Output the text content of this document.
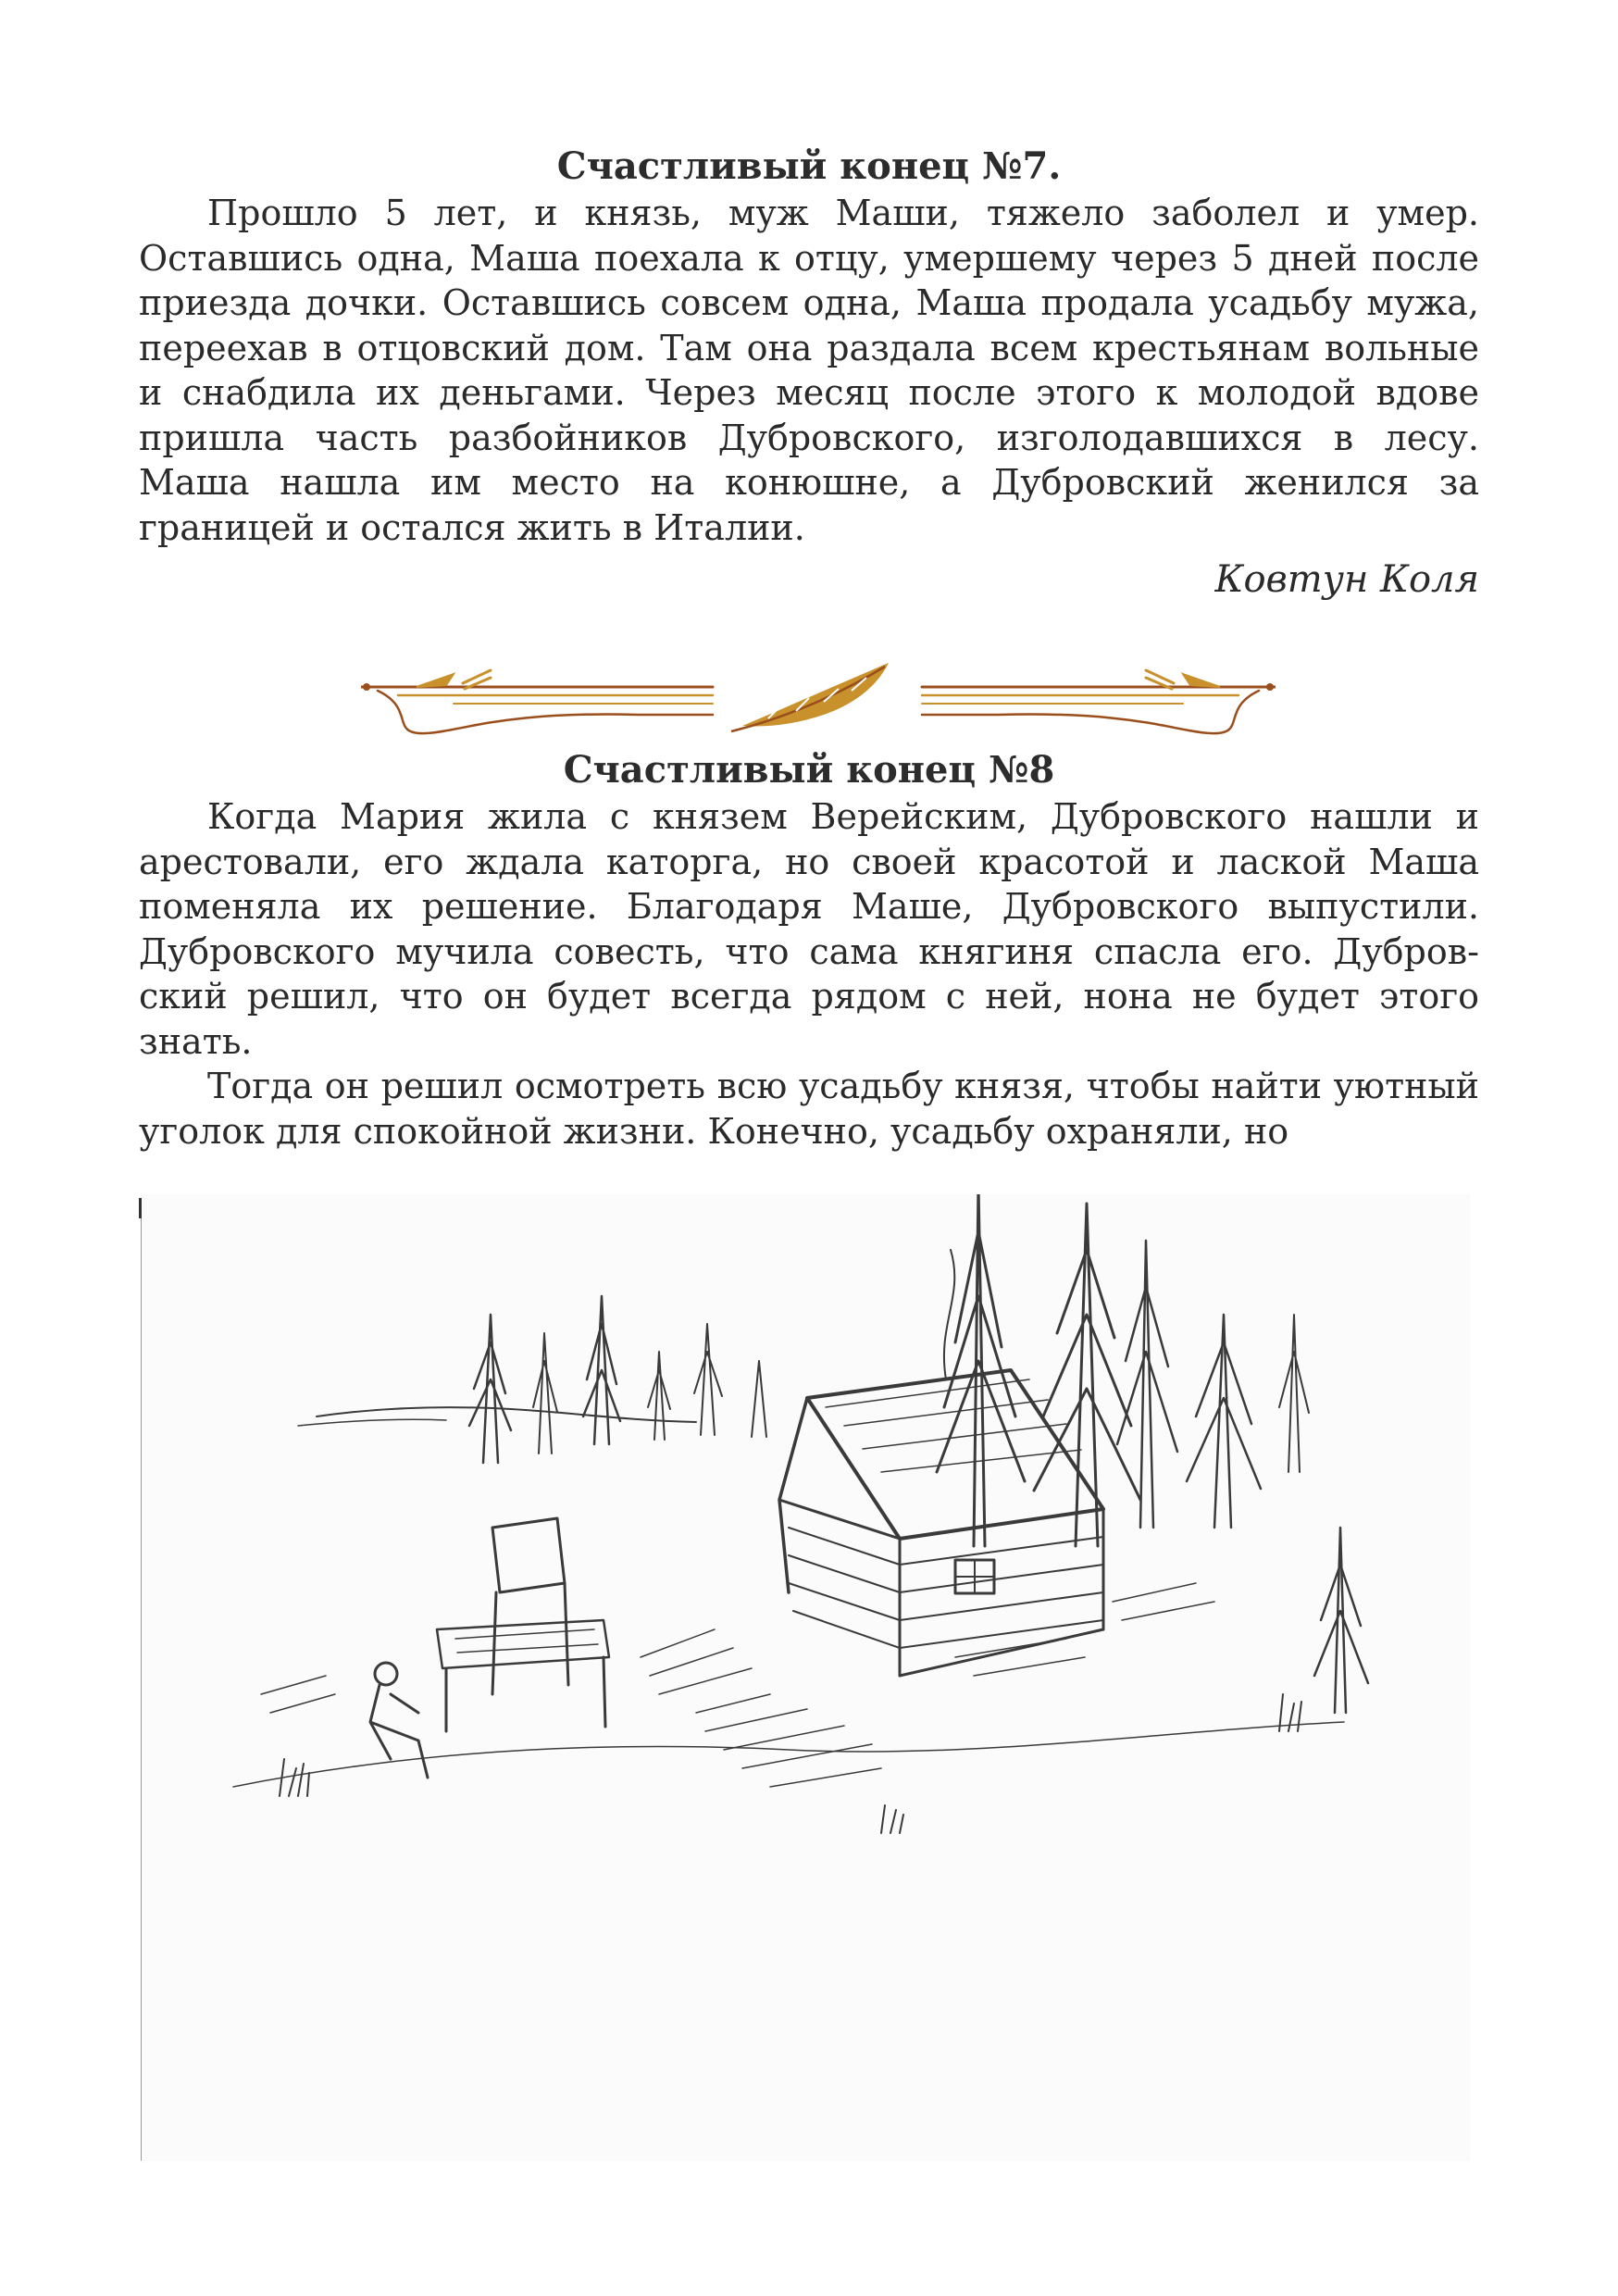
Счастливый конец №7.

Прошло 5 лет, и князь, муж Маши, тяжело заболел и умер. Оставшись одна, Маша поехала к отцу, умершему через 5 дней после приезда дочки. Оставшись совсем одна, Маша продала усадьбу мужа, переехав в отцовский дом. Там она раздала всем крестьянам вольные и снабдила их деньгами. Через месяц после этого к молодой вдове пришла часть разбойников Дубровского, изголодавшихся в лесу. Маша нашла им место на конюшне, а Дубровский женился за границей и остался жить в Италии.

Ковтун Коля

Счастливый конец №8

Когда Мария жила с князем Верейским, Дубровского нашли и арестовали, его ждала каторга, но своей красотой и лаской Маша поменяла их решение. Благодаря Маше, Дубровского выпустили. Дубровского мучила совесть, что сама княгиня спасла его. Дубровский решил, что он будет всегда рядом с ней, нона не будет этого знать.

Тогда он решил осмотреть всю усадьбу князя, чтобы найти уютный уголок для спокойной жизни. Конечно, усадьбу охраняли, но
